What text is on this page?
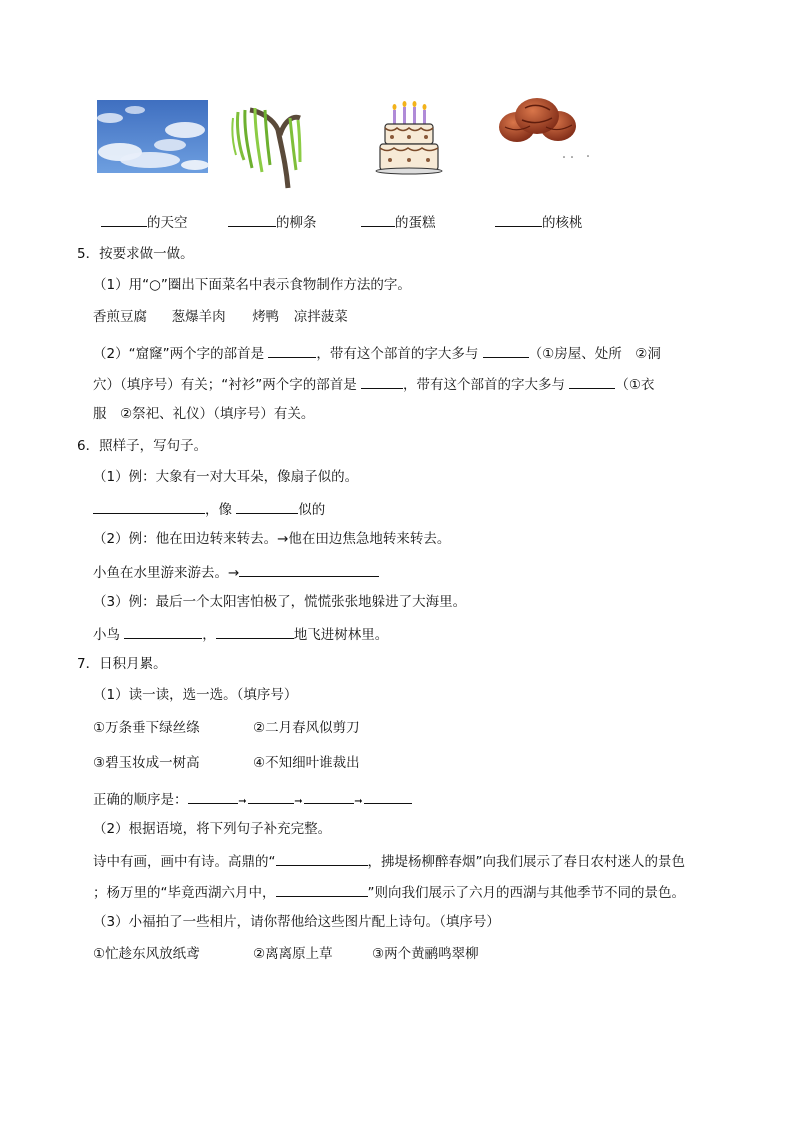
的天空	的柳条	的蛋糕	的核桃
5．按要求做一做。
（1）用“○”圈出下面菜名中表示食物制作方法的字。
香煎豆腐 葱爆羊肉 烤鸭 凉拌菠菜
（2）“窟窿”两个字的部首是	，带有这个部首的字大多与	（①房屋、处所　②洞
穴）（填序号）有关；“衬衫”两个字的部首是	，带有这个部首的字大多与	（①衣
服　②祭祀、礼仪）（填序号）有关。
6．照样子，写句子。
（1）例：大象有一对大耳朵，像扇子似的。
，像	似的
（2）例：他在田边转来转去。→他在田边焦急地转来转去。
小鱼在水里游来游去。→
（3）例：最后一个太阳害怕极了，慌慌张张地躲进了大海里。
小鸟	，	地飞进树林里。
7．日积月累。
（1）读一读，选一选。（填序号）
①万条垂下绿丝绦	②二月春风似剪刀
③碧玉妆成一树高	④不知细叶谁裁出
正确的顺序是：	➞	➞	➞
（2）根据语境，将下列句子补充完整。
诗中有画，画中有诗。高鼎的“	，拂堤杨柳醉春烟”向我们展示了春日农村迷人的景色
；杨万里的“毕竟西湖六月中，	”则向我们展示了六月的西湖与其他季节不同的景色。
（3）小福拍了一些相片，请你帮他给这些图片配上诗句。（填序号）
①忙趁东风放纸鸢	②离离原上草	③两个黄鹂鸣翠柳
